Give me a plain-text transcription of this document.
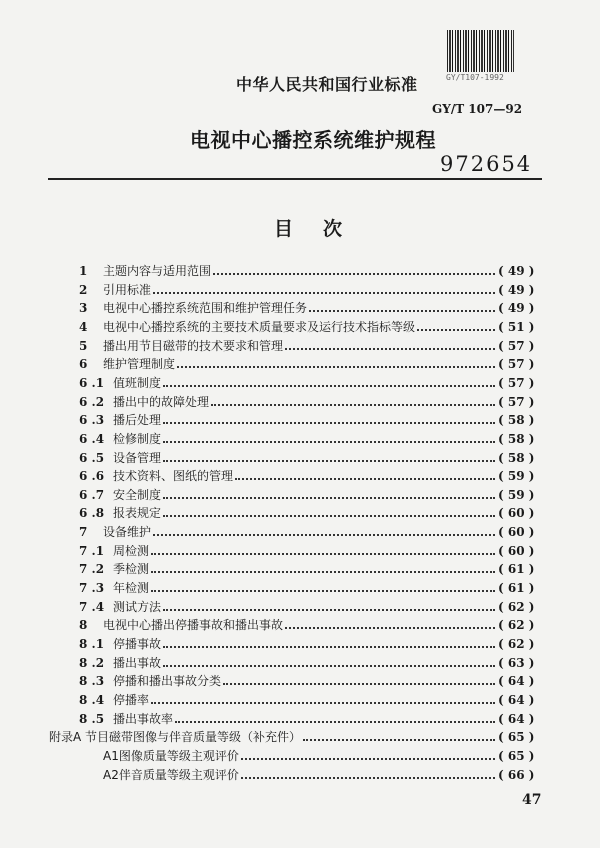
GY/T107-1992
中华人民共和国行业标准
GY/T 107—92
电视中心播控系统维护规程
972654
目次
1 主题内容与适用范围	( 49 )
2 引用标准	( 49 )
3 电视中心播控系统范围和维护管理任务	( 49 )
4 电视中心播控系统的主要技术质量要求及运行技术指标等级	( 51 )
5 播出用节目磁带的技术要求和管理	( 57 )
6 维护管理制度	( 57 )
6 .1 值班制度	( 57 )
6 .2 播出中的故障处理	( 57 )
6 .3 播后处理	( 58 )
6 .4 检修制度	( 58 )
6 .5 设备管理	( 58 )
6 .6 技术资料、图纸的管理	( 59 )
6 .7 安全制度	( 59 )
6 .8 报表规定	( 60 )
7 设备维护	( 60 )
7 .1 周检测	( 60 )
7 .2 季检测	( 61 )
7 .3 年检测	( 61 )
7 .4 测试方法	( 62 )
8 电视中心播出停播事故和播出事故	( 62 )
8 .1 停播事故	( 62 )
8 .2 播出事故	( 63 )
8 .3 停播和播出事故分类	( 64 )
8 .4 停播率	( 64 )
8 .5 播出事故率	( 64 )
附录A 节目磁带图像与伴音质量等级（补充件）	( 65 )
A1图像质量等级主观评价	( 65 )
A2伴音质量等级主观评价	( 66 )
47
